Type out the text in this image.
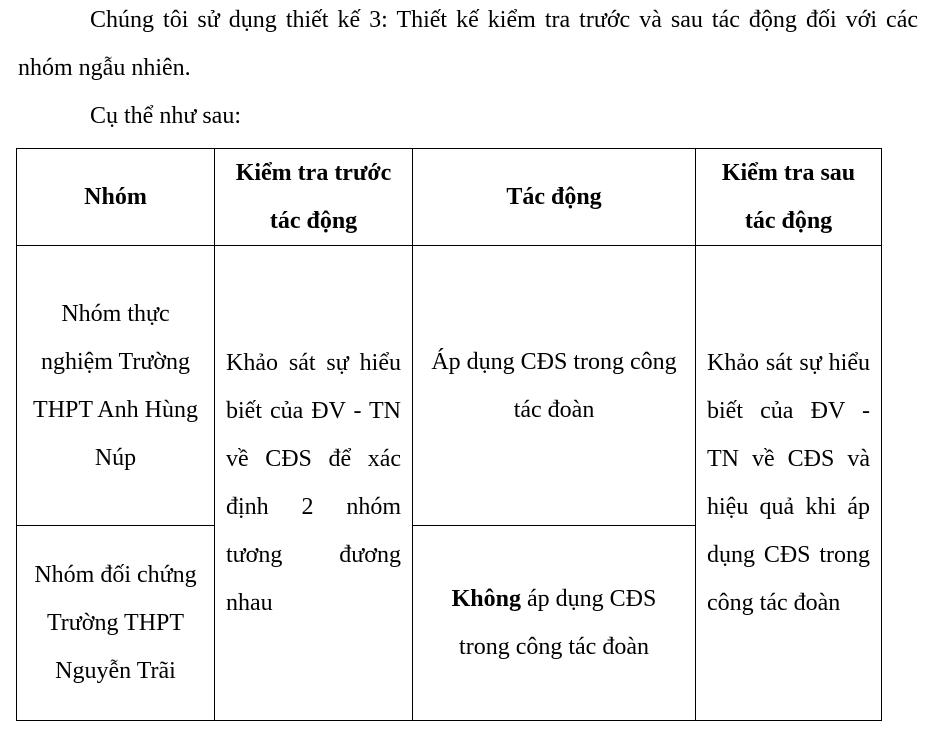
Chúng tôi sử dụng thiết kế 3: Thiết kế kiểm tra trước và sau tác động đối với các nhóm ngẫu nhiên.

Cụ thể như sau:

Nhóm	Kiểm tra trước tác động	Tác động	Kiểm tra sau tác động
Nhóm thực nghiệm Trường THPT Anh Hùng Núp	Khảo sát sự hiểu biết của ĐV - TN về CĐS để xác định 2 nhóm tương đương nhau	Áp dụng CĐS trong công tác đoàn	Khảo sát sự hiểu biết của ĐV - TN về CĐS và hiệu quả khi áp dụng CĐS trong công tác đoàn
Nhóm đối chứng Trường THPT Nguyễn Trãi		Không áp dụng CĐS trong công tác đoàn	
